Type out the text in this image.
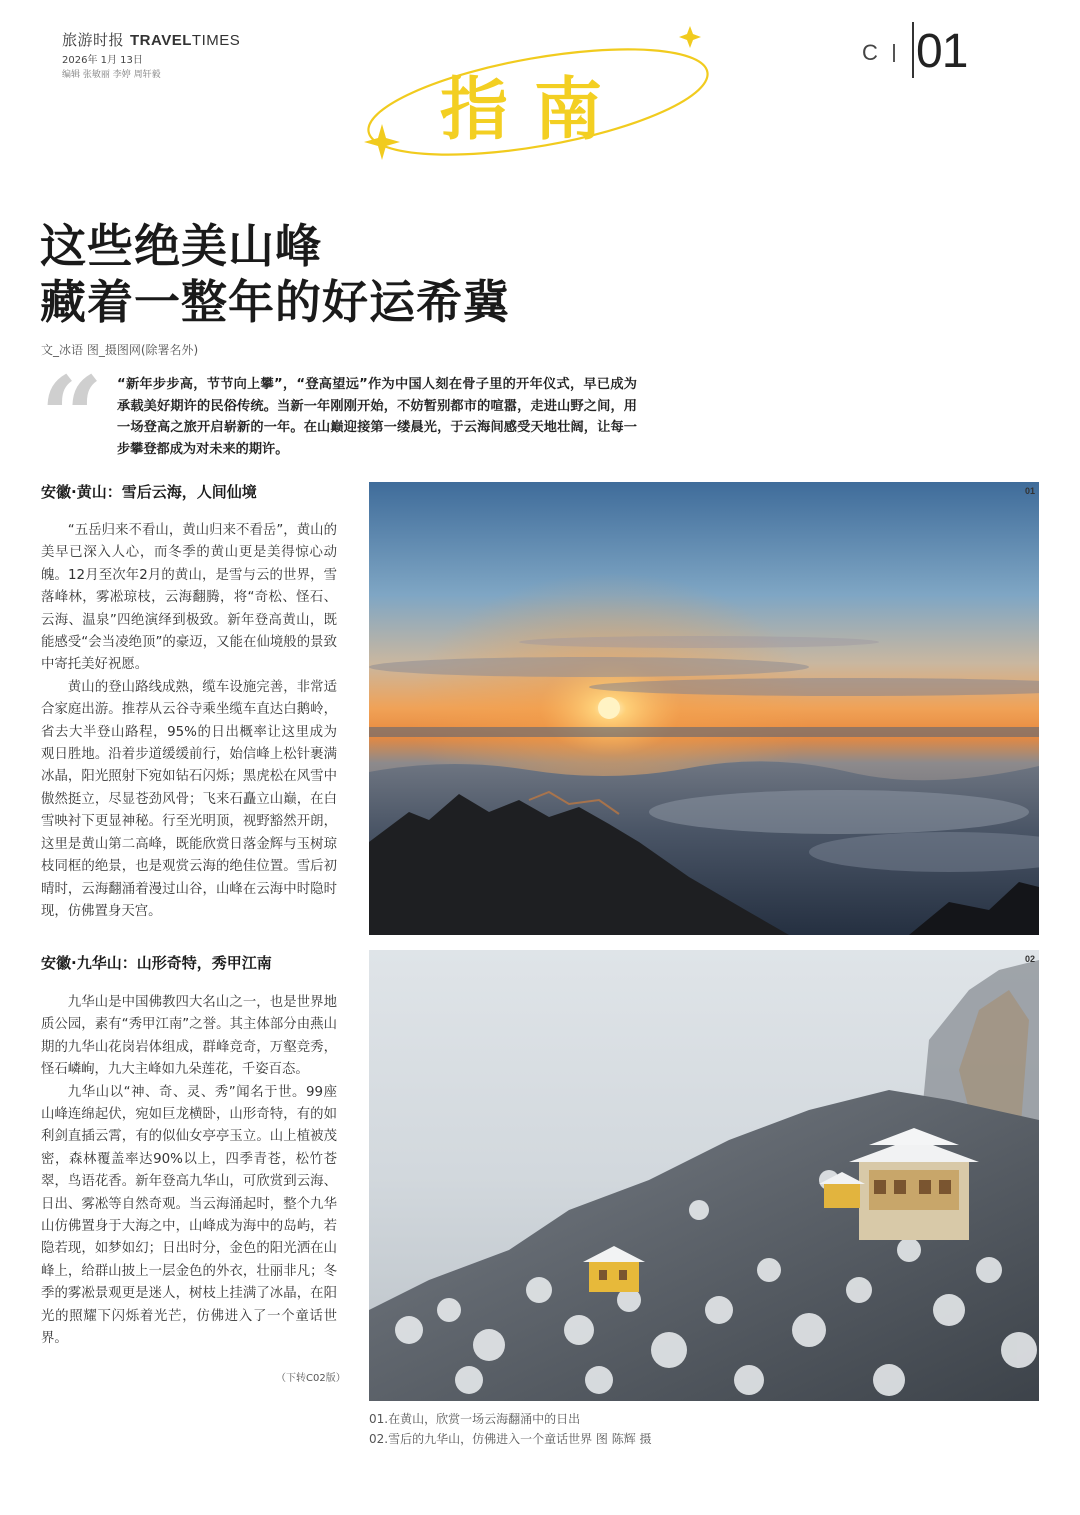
旅游时报 TRAVELTIMES
2026年 1月 13日
编辑 张敏丽 李婷 周轩毅	指南
C 01
这些绝美山峰
藏着一整年的好运希冀
文_冰语 图_摄图网(除署名外)
“ “新年步步高，节节向上攀”，“登高望远”作为中国人刻在骨子里的开年仪式，早已成为承载美好期许的民俗传统。当新一年刚刚开始，不妨暂别都市的喧嚣，走进山野之间，用一场登高之旅开启崭新的一年。在山巅迎接第一缕晨光，于云海间感受天地壮阔，让每一步攀登都成为对未来的期许。
安徽·黄山：雪后云海，人间仙境

“五岳归来不看山，黄山归来不看岳”，黄山的美早已深入人心，而冬季的黄山更是美得惊心动魄。12月至次年2月的黄山，是雪与云的世界，雪落峰林，雾凇琼枝，云海翻腾，将“奇松、怪石、云海、温泉”四绝演绎到极致。新年登高黄山，既能感受“会当凌绝顶”的豪迈，又能在仙境般的景致中寄托美好祝愿。

黄山的登山路线成熟，缆车设施完善，非常适合家庭出游。推荐从云谷寺乘坐缆车直达白鹅岭，省去大半登山路程，95%的日出概率让这里成为观日胜地。沿着步道缓缓前行，始信峰上松针裹满冰晶，阳光照射下宛如钻石闪烁；黑虎松在风雪中傲然挺立，尽显苍劲风骨；飞来石矗立山巅，在白雪映衬下更显神秘。行至光明顶，视野豁然开朗，这里是黄山第二高峰，既能欣赏日落金辉与玉树琼枝同框的绝景，也是观赏云海的绝佳位置。雪后初晴时，云海翻涌着漫过山谷，山峰在云海中时隐时现，仿佛置身天宫。

安徽·九华山：山形奇特，秀甲江南

九华山是中国佛教四大名山之一，也是世界地质公园，素有“秀甲江南”之誉。其主体部分由燕山期的九华山花岗岩体组成，群峰竞奇，万壑竞秀，怪石嶙峋，九大主峰如九朵莲花，千姿百态。

九华山以“神、奇、灵、秀”闻名于世。99座山峰连绵起伏，宛如巨龙横卧，山形奇特，有的如利剑直插云霄，有的似仙女亭亭玉立。山上植被茂密，森林覆盖率达90%以上，四季青苍，松竹苍翠，鸟语花香。新年登高九华山，可欣赏到云海、日出、雾凇等自然奇观。当云海涌起时，整个九华山仿佛置身于大海之中，山峰成为海中的岛屿，若隐若现，如梦如幻；日出时分，金色的阳光洒在山峰上，给群山披上一层金色的外衣，壮丽非凡；冬季的雾凇景观更是迷人，树枝上挂满了冰晶，在阳光的照耀下闪烁着光芒，仿佛进入了一个童话世界。

（下转C02版）
01
02
01.在黄山，欣赏一场云海翻涌中的日出
02.雪后的九华山，仿佛进入一个童话世界 图 陈辉 摄
